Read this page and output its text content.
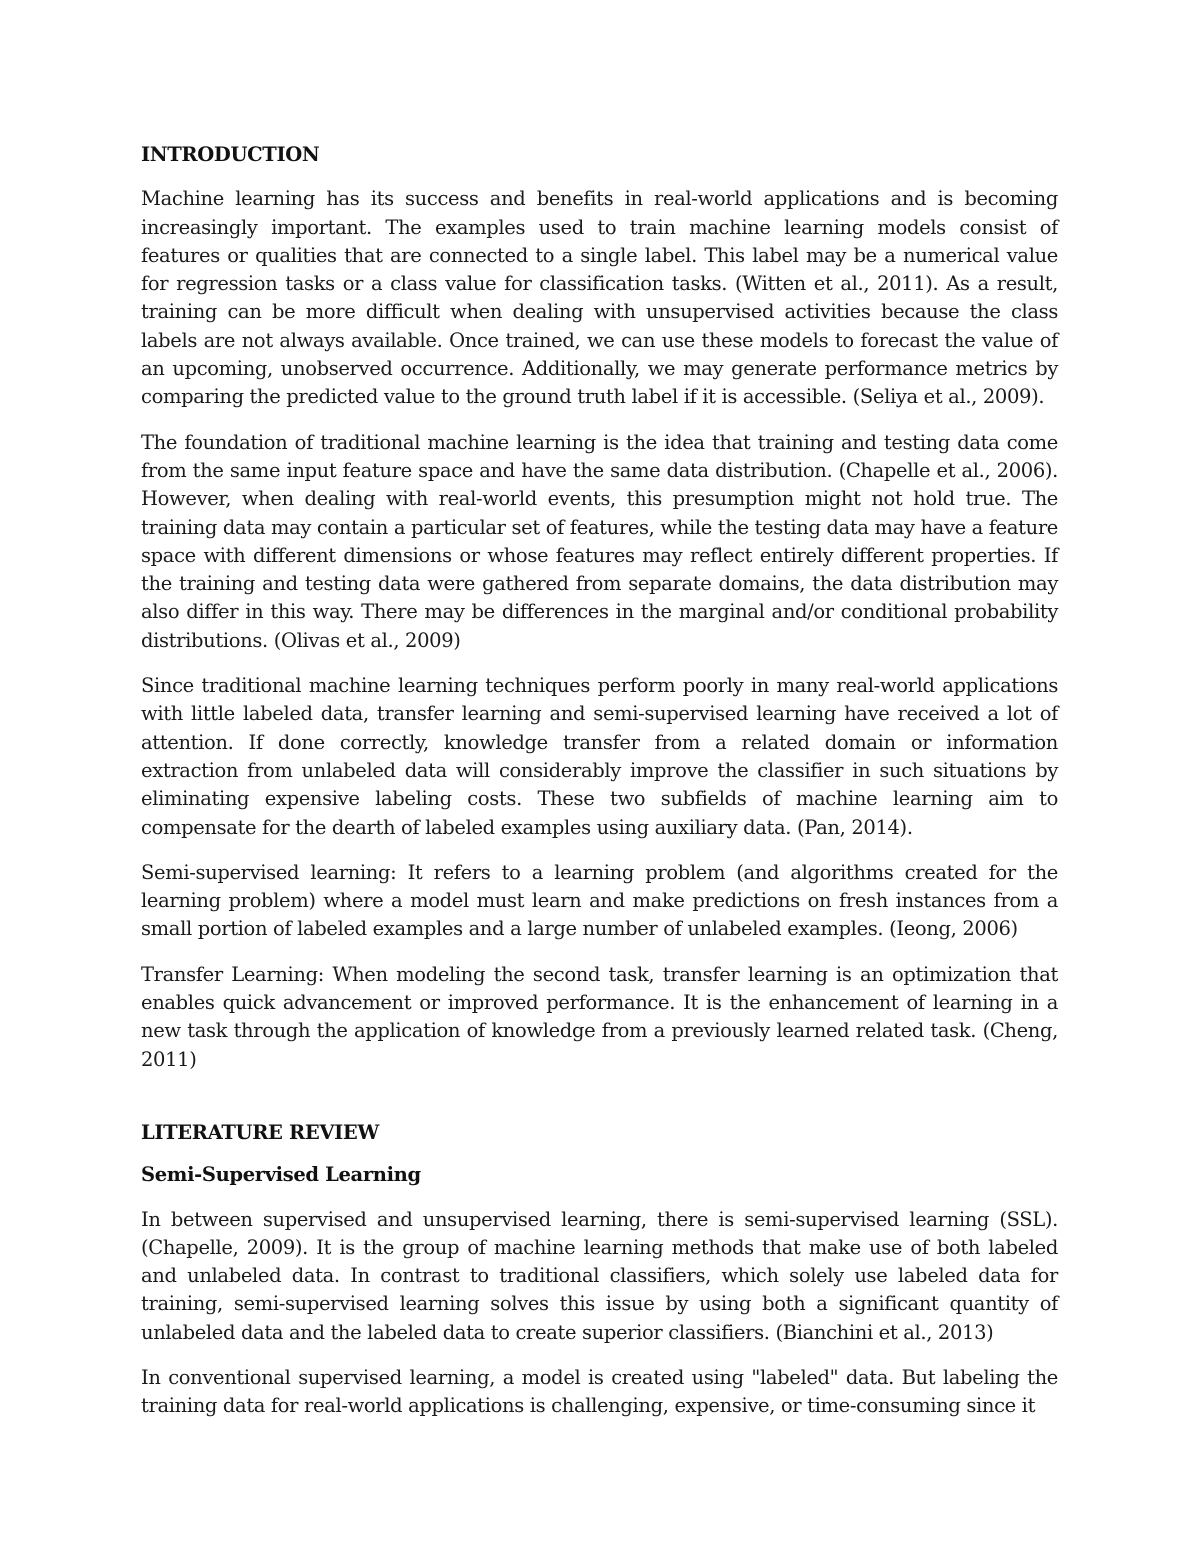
INTRODUCTION

Machine learning has its success and benefits in real-world applications and is becoming increasingly important. The examples used to train machine learning models consist of features or qualities that are connected to a single label. This label may be a numerical value for regression tasks or a class value for classification tasks. (Witten et al., 2011). As a result, training can be more difficult when dealing with unsupervised activities because the class labels are not always available. Once trained, we can use these models to forecast the value of an upcoming, unobserved occurrence. Additionally, we may generate performance metrics by comparing the predicted value to the ground truth label if it is accessible. (Seliya et al., 2009).

The foundation of traditional machine learning is the idea that training and testing data come from the same input feature space and have the same data distribution. (Chapelle et al., 2006). However, when dealing with real-world events, this presumption might not hold true. The training data may contain a particular set of features, while the testing data may have a feature space with different dimensions or whose features may reflect entirely different properties. If the training and testing data were gathered from separate domains, the data distribution may also differ in this way. There may be differences in the marginal and/or conditional probability distributions. (Olivas et al., 2009)

Since traditional machine learning techniques perform poorly in many real-world applications with little labeled data, transfer learning and semi-supervised learning have received a lot of attention. If done correctly, knowledge transfer from a related domain or information extraction from unlabeled data will considerably improve the classifier in such situations by eliminating expensive labeling costs. These two subfields of machine learning aim to compensate for the dearth of labeled examples using auxiliary data. (Pan, 2014).

Semi-supervised learning: It refers to a learning problem (and algorithms created for the learning problem) where a model must learn and make predictions on fresh instances from a small portion of labeled examples and a large number of unlabeled examples. (Ieong, 2006)

Transfer Learning: When modeling the second task, transfer learning is an optimization that enables quick advancement or improved performance. It is the enhancement of learning in a new task through the application of knowledge from a previously learned related task. (Cheng, 2011)

LITERATURE REVIEW
Semi-Supervised Learning

In between supervised and unsupervised learning, there is semi-supervised learning (SSL). (Chapelle, 2009). It is the group of machine learning methods that make use of both labeled and unlabeled data. In contrast to traditional classifiers, which solely use labeled data for training, semi-supervised learning solves this issue by using both a significant quantity of unlabeled data and the labeled data to create superior classifiers. (Bianchini et al., 2013)

In conventional supervised learning, a model is created using "labeled" data. But labeling the training data for real-world applications is challenging, expensive, or time-consuming since it
